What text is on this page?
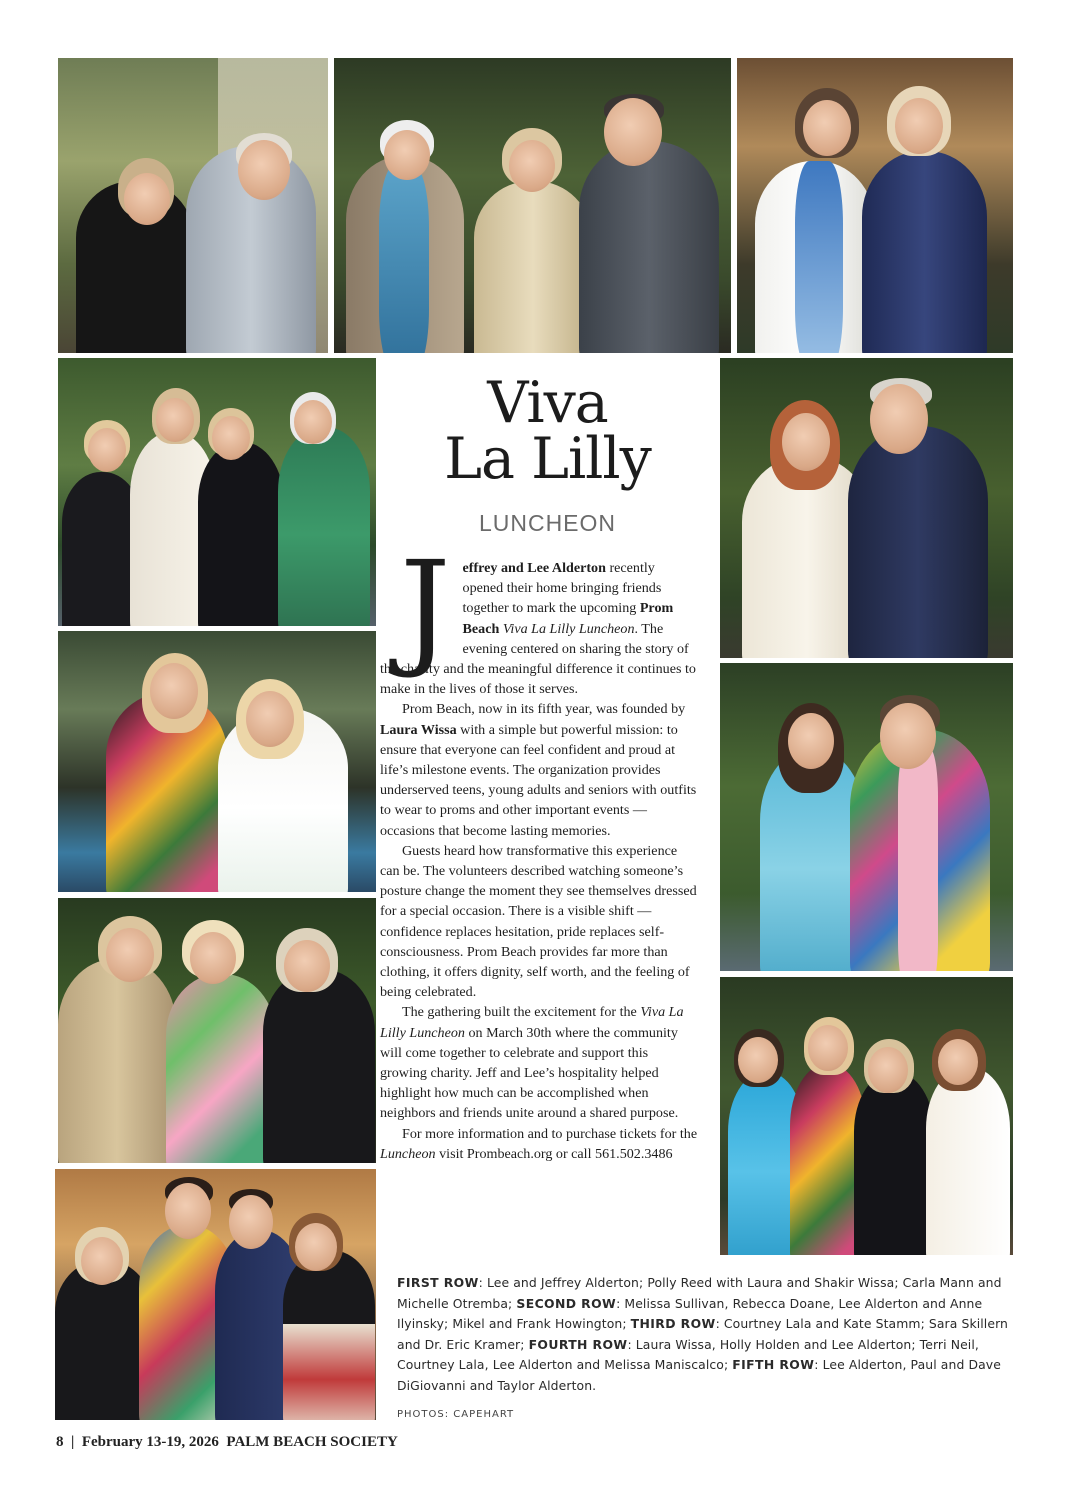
Viva
La Lilly
LUNCHEON

Jeffrey and Lee Alderton recently opened their home bringing friends together to mark the upcoming Prom Beach Viva La Lilly Luncheon. The evening centered on sharing the story of the charity and the meaningful difference it continues to make in the lives of those it serves.

Prom Beach, now in its fifth year, was founded by Laura Wissa with a simple but powerful mission: to ensure that everyone can feel confident and proud at life’s milestone events. The organization provides underserved teens, young adults and seniors with outfits to wear to proms and other important events — occasions that become lasting memories.

Guests heard how transformative this experience can be. The volunteers described watching someone’s posture change the moment they see themselves dressed for a special occasion. There is a visible shift — confidence replaces hesitation, pride replaces self-consciousness. Prom Beach provides far more than clothing, it offers dignity, self worth, and the feeling of being celebrated.

The gathering built the excitement for the Viva La Lilly Luncheon on March 30th where the community will come together to celebrate and support this growing charity. Jeff and Lee’s hospitality helped highlight how much can be accomplished when neighbors and friends unite around a shared purpose.

For more information and to purchase tickets for the Luncheon visit Prombeach.org or call 561.502.3486

FIRST ROW: Lee and Jeffrey Alderton; Polly Reed with Laura and Shakir Wissa; Carla Mann and Michelle Otremba; SECOND ROW: Melissa Sullivan, Rebecca Doane, Lee Alderton and Anne Ilyinsky; Mikel and Frank Howington; THIRD ROW: Courtney Lala and Kate Stamm; Sara Skillern and Dr. Eric Kramer; FOURTH ROW: Laura Wissa, Holly Holden and Lee Alderton; Terri Neil, Courtney Lala, Lee Alderton and Melissa Maniscalco; FIFTH ROW: Lee Alderton, Paul and Dave DiGiovanni and Taylor Alderton.
PHOTOS: CAPEHART
8 | February 13-19, 2026 PALM BEACH SOCIETY
